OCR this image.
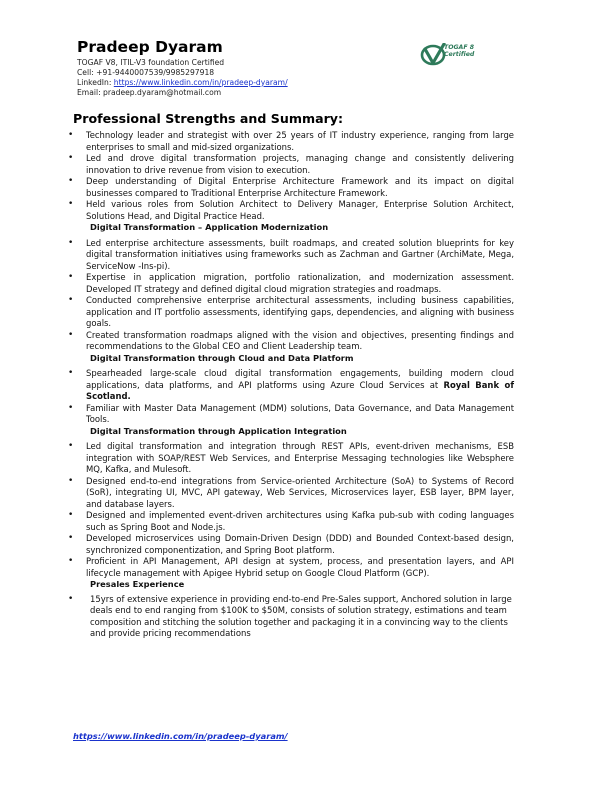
Pradeep Dyaram
TOGAF V8, ITIL-V3 foundation Certified
Cell: +91-9440007539/9985297918
LinkedIn: https://www.linkedin.com/in/pradeep-dyaram/
Email: pradeep.dyaram@hotmail.com
TOGAF 8
Certified
Professional Strengths and Summary:
• Technology leader and strategist with over 25 years of IT industry experience, ranging from large enterprises to small and mid-sized organizations.
• Led and drove digital transformation projects, managing change and consistently delivering innovation to drive revenue from vision to execution.
• Deep understanding of Digital Enterprise Architecture Framework and its impact on digital businesses compared to Traditional Enterprise Architecture Framework.
• Held various roles from Solution Architect to Delivery Manager, Enterprise Solution Architect, Solutions Head, and Digital Practice Head.
Digital Transformation – Application Modernization
• Led enterprise architecture assessments, built roadmaps, and created solution blueprints for key digital transformation initiatives using frameworks such as Zachman and Gartner (ArchiMate, Mega, ServiceNow -Ins-pi).
• Expertise in application migration, portfolio rationalization, and modernization assessment. Developed IT strategy and defined digital cloud migration strategies and roadmaps.
• Conducted comprehensive enterprise architectural assessments, including business capabilities, application and IT portfolio assessments, identifying gaps, dependencies, and aligning with business goals.
• Created transformation roadmaps aligned with the vision and objectives, presenting findings and recommendations to the Global CEO and Client Leadership team.
Digital Transformation through Cloud and Data Platform
• Spearheaded large-scale cloud digital transformation engagements, building modern cloud applications, data platforms, and API platforms using Azure Cloud Services at Royal Bank of Scotland.
• Familiar with Master Data Management (MDM) solutions, Data Governance, and Data Management Tools.
Digital Transformation through Application Integration
• Led digital transformation and integration through REST APIs, event-driven mechanisms, ESB integration with SOAP/REST Web Services, and Enterprise Messaging technologies like Websphere MQ, Kafka, and Mulesoft.
• Designed end-to-end integrations from Service-oriented Architecture (SoA) to Systems of Record (SoR), integrating UI, MVC, API gateway, Web Services, Microservices layer, ESB layer, BPM layer, and database layers.
• Designed and implemented event-driven architectures using Kafka pub-sub with coding languages such as Spring Boot and Node.js.
• Developed microservices using Domain-Driven Design (DDD) and Bounded Context-based design, synchronized componentization, and Spring Boot platform.
• Proficient in API Management, API design at system, process, and presentation layers, and API lifecycle management with Apigee Hybrid setup on Google Cloud Platform (GCP).
Presales Experience
• 15yrs of extensive experience in providing end-to-end Pre-Sales support, Anchored solution in large deals end to end ranging from $100K to $50M, consists of solution strategy, estimations and team composition and stitching the solution together and packaging it in a convincing way to the clients and provide pricing recommendations
https://www.linkedin.com/in/pradeep-dyaram/
